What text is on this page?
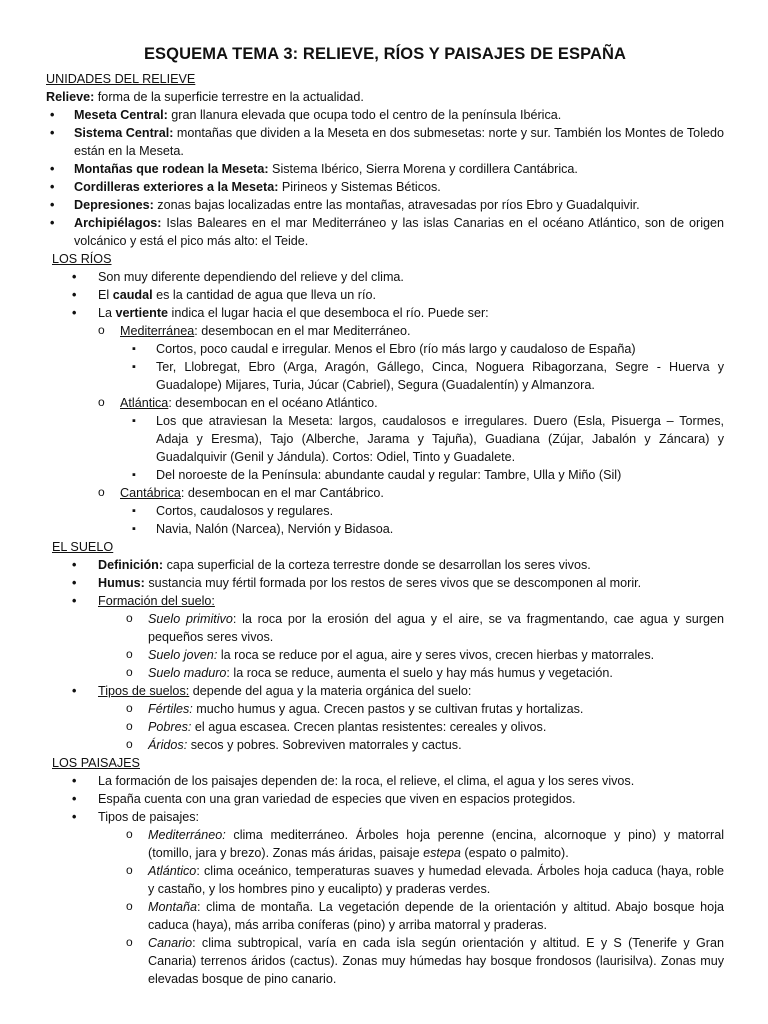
ESQUEMA TEMA 3: RELIEVE, RÍOS Y PAISAJES DE ESPAÑA
UNIDADES DEL RELIEVE
Relieve: forma de la superficie terrestre en la actualidad.
• Meseta Central: gran llanura elevada que ocupa todo el centro de la península Ibérica.
• Sistema Central: montañas que dividen a la Meseta en dos submesetas: norte y sur. También los Montes de Toledo están en la Meseta.
• Montañas que rodean la Meseta: Sistema Ibérico, Sierra Morena y cordillera Cantábrica.
• Cordilleras exteriores a la Meseta: Pirineos y Sistemas Béticos.
• Depresiones: zonas bajas localizadas entre las montañas, atravesadas por ríos Ebro y Guadalquivir.
• Archipiélagos: Islas Baleares en el mar Mediterráneo y las islas Canarias en el océano Atlántico, son de origen volcánico y está el pico más alto: el Teide.
LOS RÍOS
• Son muy diferente dependiendo del relieve y del clima.
• El caudal es la cantidad de agua que lleva un río.
• La vertiente indica el lugar hacia el que desemboca el río. Puede ser:
o Mediterránea: desembocan en el mar Mediterráneo.
▪ Cortos, poco caudal e irregular. Menos el Ebro (río más largo y caudaloso de España)
▪ Ter, Llobregat, Ebro (Arga, Aragón, Gállego, Cinca, Noguera Ribagorzana, Segre - Huerva y Guadalope) Mijares, Turia, Júcar (Cabriel), Segura (Guadalentín) y Almanzora.
o Atlántica: desembocan en el océano Atlántico.
▪ Los que atraviesan la Meseta: largos, caudalosos e irregulares. Duero (Esla, Pisuerga – Tormes, Adaja y Eresma), Tajo (Alberche, Jarama y Tajuña), Guadiana (Zújar, Jabalón y Záncara) y Guadalquivir (Genil y Jándula). Cortos: Odiel, Tinto y Guadalete.
▪ Del noroeste de la Península: abundante caudal y regular: Tambre, Ulla y Miño (Sil)
o Cantábrica: desembocan en el mar Cantábrico.
▪ Cortos, caudalosos y regulares.
▪ Navia, Nalón (Narcea), Nervión y Bidasoa.
EL SUELO
• Definición: capa superficial de la corteza terrestre donde se desarrollan los seres vivos.
• Humus: sustancia muy fértil formada por los restos de seres vivos que se descomponen al morir.
• Formación del suelo:
o Suelo primitivo: la roca por la erosión del agua y el aire, se va fragmentando, cae agua y surgen pequeños seres vivos.
o Suelo joven: la roca se reduce por el agua, aire y seres vivos, crecen hierbas y matorrales.
o Suelo maduro: la roca se reduce, aumenta el suelo y hay más humus y vegetación.
• Tipos de suelos: depende del agua y la materia orgánica del suelo:
o Fértiles: mucho humus y agua. Crecen pastos y se cultivan frutas y hortalizas.
o Pobres: el agua escasea. Crecen plantas resistentes: cereales y olivos.
o Áridos: secos y pobres. Sobreviven matorrales y cactus.
LOS PAISAJES
• La formación de los paisajes dependen de: la roca, el relieve, el clima, el agua y los seres vivos.
• España cuenta con una gran variedad de especies que viven en espacios protegidos.
• Tipos de paisajes:
o Mediterráneo: clima mediterráneo. Árboles hoja perenne (encina, alcornoque y pino) y matorral (tomillo, jara y brezo). Zonas más áridas, paisaje estepa (espato o palmito).
o Atlántico: clima oceánico, temperaturas suaves y humedad elevada. Árboles hoja caduca (haya, roble y castaño, y los hombres pino y eucalipto) y praderas verdes.
o Montaña: clima de montaña. La vegetación depende de la orientación y altitud. Abajo bosque hoja caduca (haya), más arriba coníferas (pino) y arriba matorral y praderas.
o Canario: clima subtropical, varía en cada isla según orientación y altitud. E y S (Tenerife y Gran Canaria) terrenos áridos (cactus). Zonas muy húmedas hay bosque frondosos (laurisilva). Zonas muy elevadas bosque de pino canario.
